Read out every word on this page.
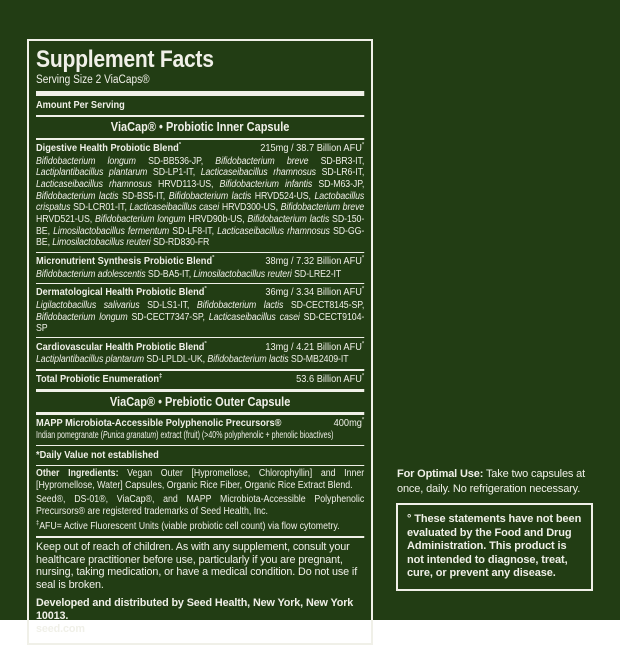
Supplement Facts
Serving Size 2 ViaCaps®
Amount Per Serving
ViaCap® • Probiotic Inner Capsule
Digestive Health Probiotic Blend°	215mg / 38.7 Billion AFU*
Bifidobacterium longum SD-BB536-JP, Bifidobacterium breve SD-BR3-IT, Lactiplantibacillus plantarum SD-LP1-IT, Lacticaseibacillus rhamnosus SD-LR6-IT, Lacticaseibacillus rhamnosus HRVD113-US, Bifidobacterium infantis SD-M63-JP, Bifidobacterium lactis SD-BS5-IT, Bifidobacterium lactis HRVD524-US, Lactobacillus crispatus SD-LCR01-IT, Lacticaseibacillus casei HRVD300-US, Bifidobacterium breve HRVD521-US, Bifidobacterium longum HRVD90b-US, Bifidobacterium lactis SD-150-BE, Limosilactobacillus fermentum SD-LF8-IT, Lacticaseibacillus rhamnosus SD-GG-BE, Limosilactobacillus reuteri SD-RD830-FR
Micronutrient Synthesis Probiotic Blend°	38mg / 7.32 Billion AFU*
Bifidobacterium adolescentis SD-BA5-IT, Limosilactobacillus reuteri SD-LRE2-IT
Dermatological Health Probiotic Blend°	36mg / 3.34 Billion AFU*
Ligilactobacillus salivarius SD-LS1-IT, Bifidobacterium lactis SD-CECT8145-SP, Bifidobacterium longum SD-CECT7347-SP, Lacticaseibacillus casei SD-CECT9104-SP
Cardiovascular Health Probiotic Blend°	13mg / 4.21 Billion AFU*
Lactiplantibacillus plantarum SD-LPLDL-UK, Bifidobacterium lactis SD-MB2409-IT
Total Probiotic Enumeration‡	53.6 Billion AFU*
ViaCap® • Prebiotic Outer Capsule
MAPP Microbiota-Accessible Polyphenolic Precursors®	400mg*
Indian pomegranate (Punica granatum) extract (fruit) (>40% polyphenolic + phenolic bioactives)
*Daily Value not established
Other Ingredients: Vegan Outer [Hypromellose, Chlorophyllin] and Inner [Hypromellose, Water] Capsules, Organic Rice Fiber, Organic Rice Extract Blend.
Seed®, DS-01®, ViaCap®, and MAPP Microbiota-Accessible Polyphenolic Precursors® are registered trademarks of Seed Health, Inc.
‡AFU= Active Fluorescent Units (viable probiotic cell count) via flow cytometry.
Keep out of reach of children. As with any supplement, consult your healthcare practitioner before use, particularly if you are pregnant, nursing, taking medication, or have a medical condition. Do not use if seal is broken.
Developed and distributed by Seed Health, New York, New York 10013.
seed.com
For Optimal Use: Take two capsules at once, daily. No refrigeration necessary.
° These statements have not been evaluated by the Food and Drug Administration. This product is not intended to diagnose, treat, cure, or prevent any disease.
